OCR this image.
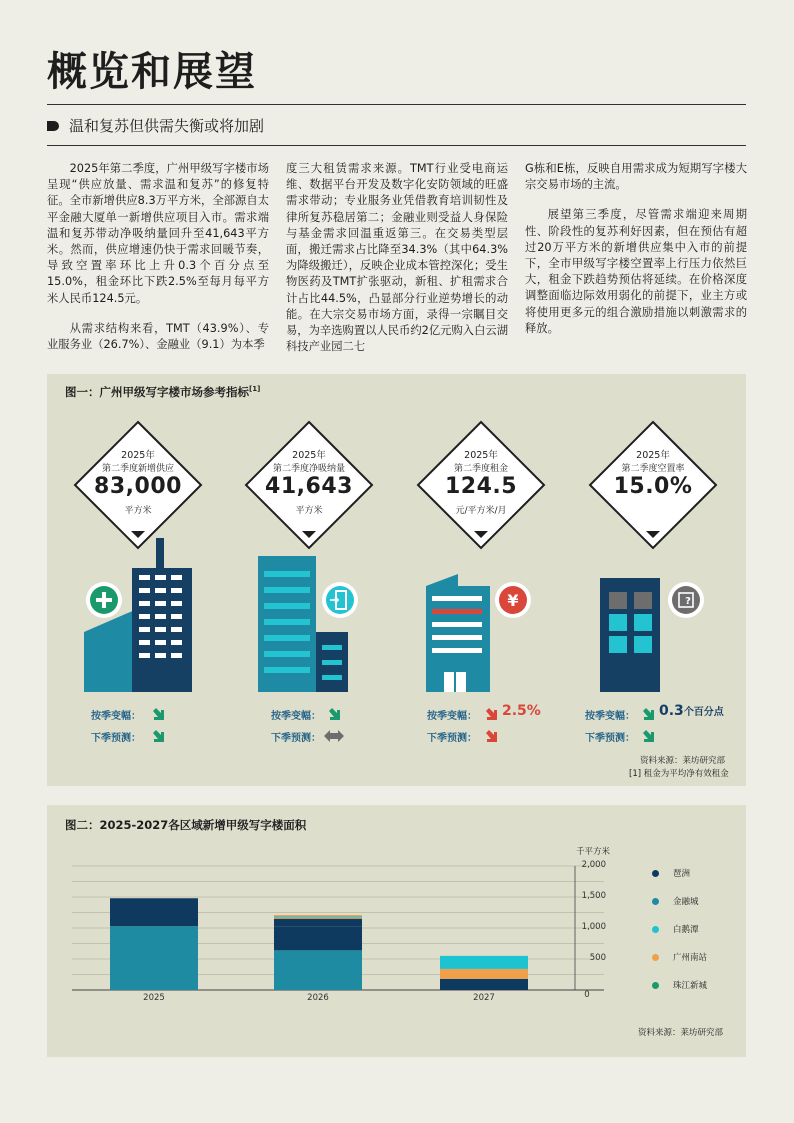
概览和展望
温和复苏但供需失衡或将加剧

2025年第二季度，广州甲级写字楼市场呈现“供应放量、需求温和复苏”的修复特征。全市新增供应8.3万平方米，全部源自太平金融大厦单一新增供应项目入市。需求端温和复苏带动净吸纳量回升至41,643平方米。然而，供应增速仍快于需求回暖节奏，导致空置率环比上升0.3个百分点至15.0%，租金环比下跌2.5%至每月每平方米人民币124.5元。

从需求结构来看，TMT（43.9%）、专业服务业（26.7%）、金融业（9.1）为本季

度三大租赁需求来源。TMT行业受电商运维、数据平台开发及数字化安防领域的旺盛需求带动；专业服务业凭借教育培训韧性及律所复苏稳居第二；金融业则受益人身保险与基金需求回温重返第三。在交易类型层面，搬迁需求占比降至34.3%（其中64.3%为降级搬迁），反映企业成本管控深化；受生物医药及TMT扩张驱动，新租、扩租需求合计占比44.5%，凸显部分行业逆势增长的动能。在大宗交易市场方面，录得一宗瞩目交易，为辛选购置以人民币约2亿元购入白云湖科技产业园二七

G栋和E栋，反映自用需求成为短期写字楼大宗交易市场的主流。

展望第三季度，尽管需求端迎来周期性、阶段性的复苏利好因素，但在预估有超过20万平方米的新增供应集中入市的前提下，全市甲级写字楼空置率上行压力依然巨大，租金下跌趋势预估将延续。在价格深度调整面临边际效用弱化的前提下，业主方或将使用更多元的组合激励措施以刺激需求的释放。

图一：广州甲级写字楼市场参考指标[1]
2025年
第二季度新增供应
83,000
平方米
2025年
第二季度净吸纳量
41,643
平方米
2025年
第二季度租金
124.5
元/平方米/月
2025年
第二季度空置率
15.0%
¥	?
按季变幅：
下季预测：
按季变幅：
下季预测：
按季变幅：
下季预测：
2.5%	按季变幅：
下季预测：
0.3个百分点
资料来源：莱坊研究部
[1] 租金为平均净有效租金
图二：2025-2027各区域新增甲级写字楼面积
千平方米
0
500
1,000
1,500
2,000
2025	2026	2027
琶洲
金融城
白鹅潭
广州南站
珠江新城
资料来源：莱坊研究部
